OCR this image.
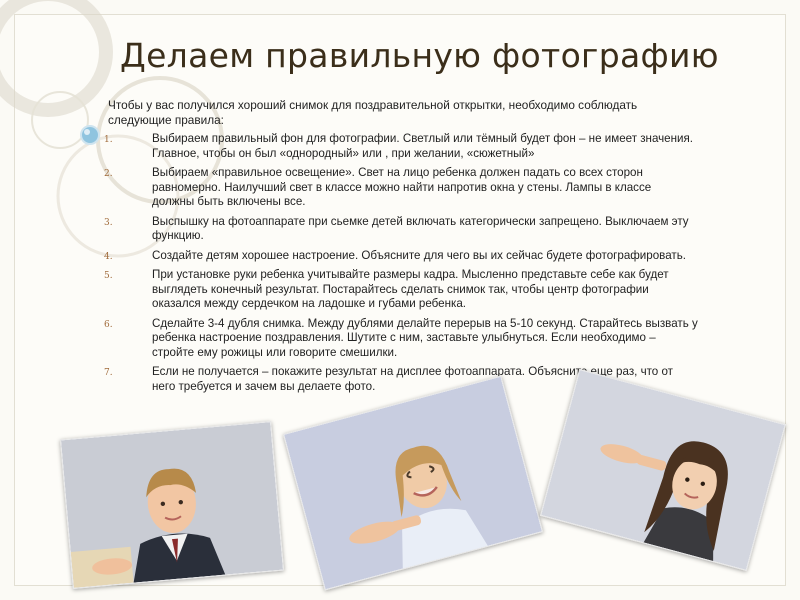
Делаем правильную фотографию
Чтобы у вас получился хороший снимок для поздравительной открытки, необходимо соблюдать
следующие правила:
1.	Выбираем правильный фон для фотографии. Светлый или тёмный будет фон – не имеет значения.
Главное, чтобы он был «однородный» или , при желании, «сюжетный»
2.	Выбираем «правильное освещение». Свет на лицо ребенка должен падать со всех сторон
равномерно. Наилучший свет в классе можно найти напротив окна у стены. Лампы в классе
должны быть включены все.
3.	Выспышку на фотоаппарате при сьемке детей включать категорически запрещено. Выключаем эту
функцию.
4.	Создайте детям хорошее настроение. Объясните для чего вы их сейчас будете фотографировать.
5.	При установке руки ребенка учитывайте размеры кадра. Мысленно представьте себе как будет
выглядеть конечный результат. Постарайтесь сделать снимок так, чтобы центр фотографии
оказался между сердечком на ладошке и губами ребенка.
6.	Сделайте 3-4 дубля снимка. Между дублями делайте перерыв на 5-10 секунд. Старайтесь вызвать у
ребенка настроение поздравления. Шутите с ним, заставьте улыбнуться. Если необходимо –
стройте ему рожицы или говорите смешилки.
7.	Если не получается – покажите результат на дисплее фотоаппарата. Объясните еще раз, что от
него требуется и зачем вы делаете фото.
